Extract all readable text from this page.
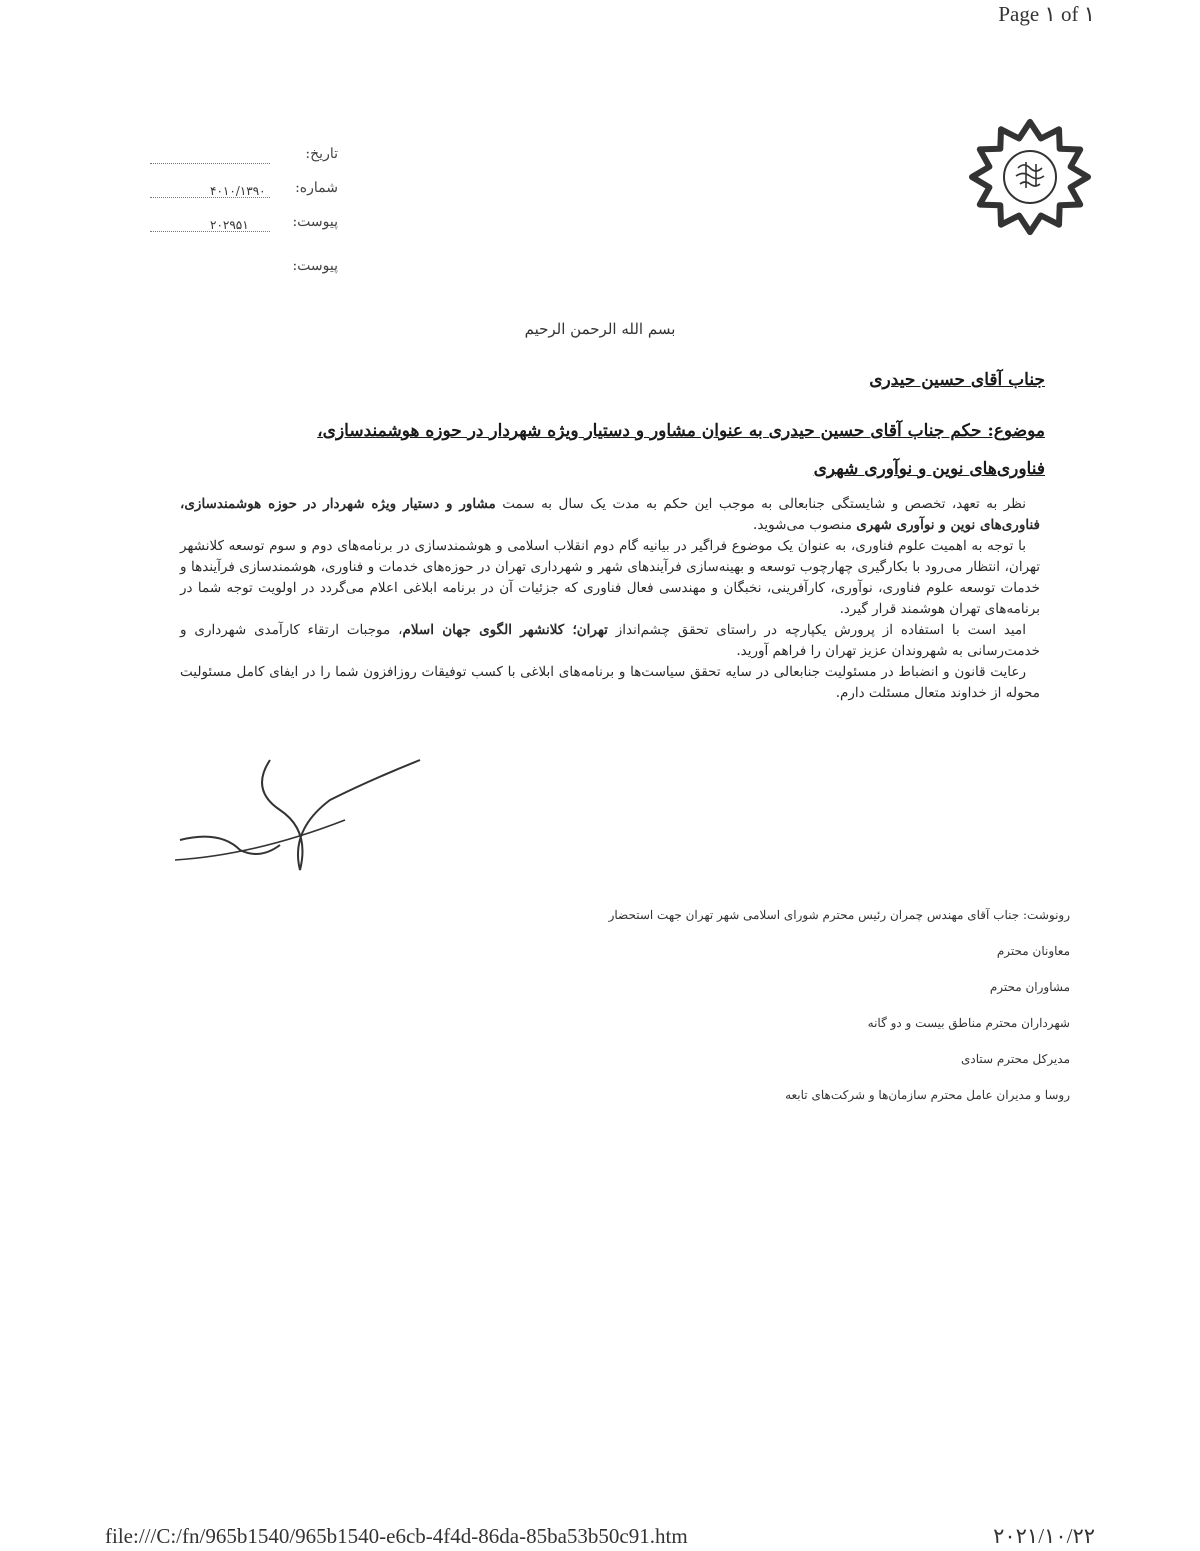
Page ۱ of ۱
تاریخ:
شماره:
۴۰۱۰/۱۳۹۰
پیوست:
۲۰۲۹۵۱
پیوست:
بسم الله الرحمن الرحیم
جناب آقای حسین حیدری
موضوع: حکم جناب آقای حسین حیدری به عنوان مشاور و دستیار ویژه شهردار در حوزه هوشمندسازی، فناوری‌های نوین و نوآوری شهری

نظر به تعهد، تخصص و شایستگی جنابعالی به موجب این حکم به مدت یک سال به سمت مشاور و دستیار ویژه شهردار در حوزه هوشمندسازی، فناوری‌های نوین و نوآوری شهری منصوب می‌شوید.

با توجه به اهمیت علوم فناوری، به عنوان یک موضوع فراگیر در بیانیه گام دوم انقلاب اسلامی و هوشمندسازی در برنامه‌های دوم و سوم توسعه کلانشهر تهران، انتظار می‌رود با بکارگیری چهارچوب توسعه و بهینه‌سازی فرآیندهای شهر و شهرداری تهران در حوزه‌های خدمات و فناوری، هوشمندسازی فرآیندها و خدمات توسعه علوم فناوری، نوآوری، کارآفرینی، نخبگان و مهندسی فعال فناوری که جزئیات آن در برنامه ابلاغی اعلام می‌گردد در اولویت توجه شما در برنامه‌های تهران هوشمند قرار گیرد.

امید است با استفاده از پرورش یکپارچه در راستای تحقق چشم‌انداز تهران؛ کلانشهر الگوی جهان اسلام، موجبات ارتقاء کارآمدی شهرداری و خدمت‌رسانی به شهروندان عزیز تهران را فراهم آورید.

رعایت قانون و انضباط در مسئولیت جنابعالی در سایه تحقق سیاست‌ها و برنامه‌های ابلاغی با کسب توفیقات روزافزون شما را در ایفای کامل مسئولیت محوله از خداوند متعال مسئلت دارم.

رونوشت: جناب آقای مهندس چمران رئیس محترم شورای اسلامی شهر تهران جهت استحضار
معاونان محترم
مشاوران محترم
شهرداران محترم مناطق بیست و دو گانه
مدیرکل محترم ستادی
روسا و مدیران عامل محترم سازمان‌ها و شرکت‌های تابعه
file:///C:/fn/965b1540/965b1540-e6cb-4f4d-86da-85ba53b50c91.htm	۲۰۲۱/۱۰/۲۲
